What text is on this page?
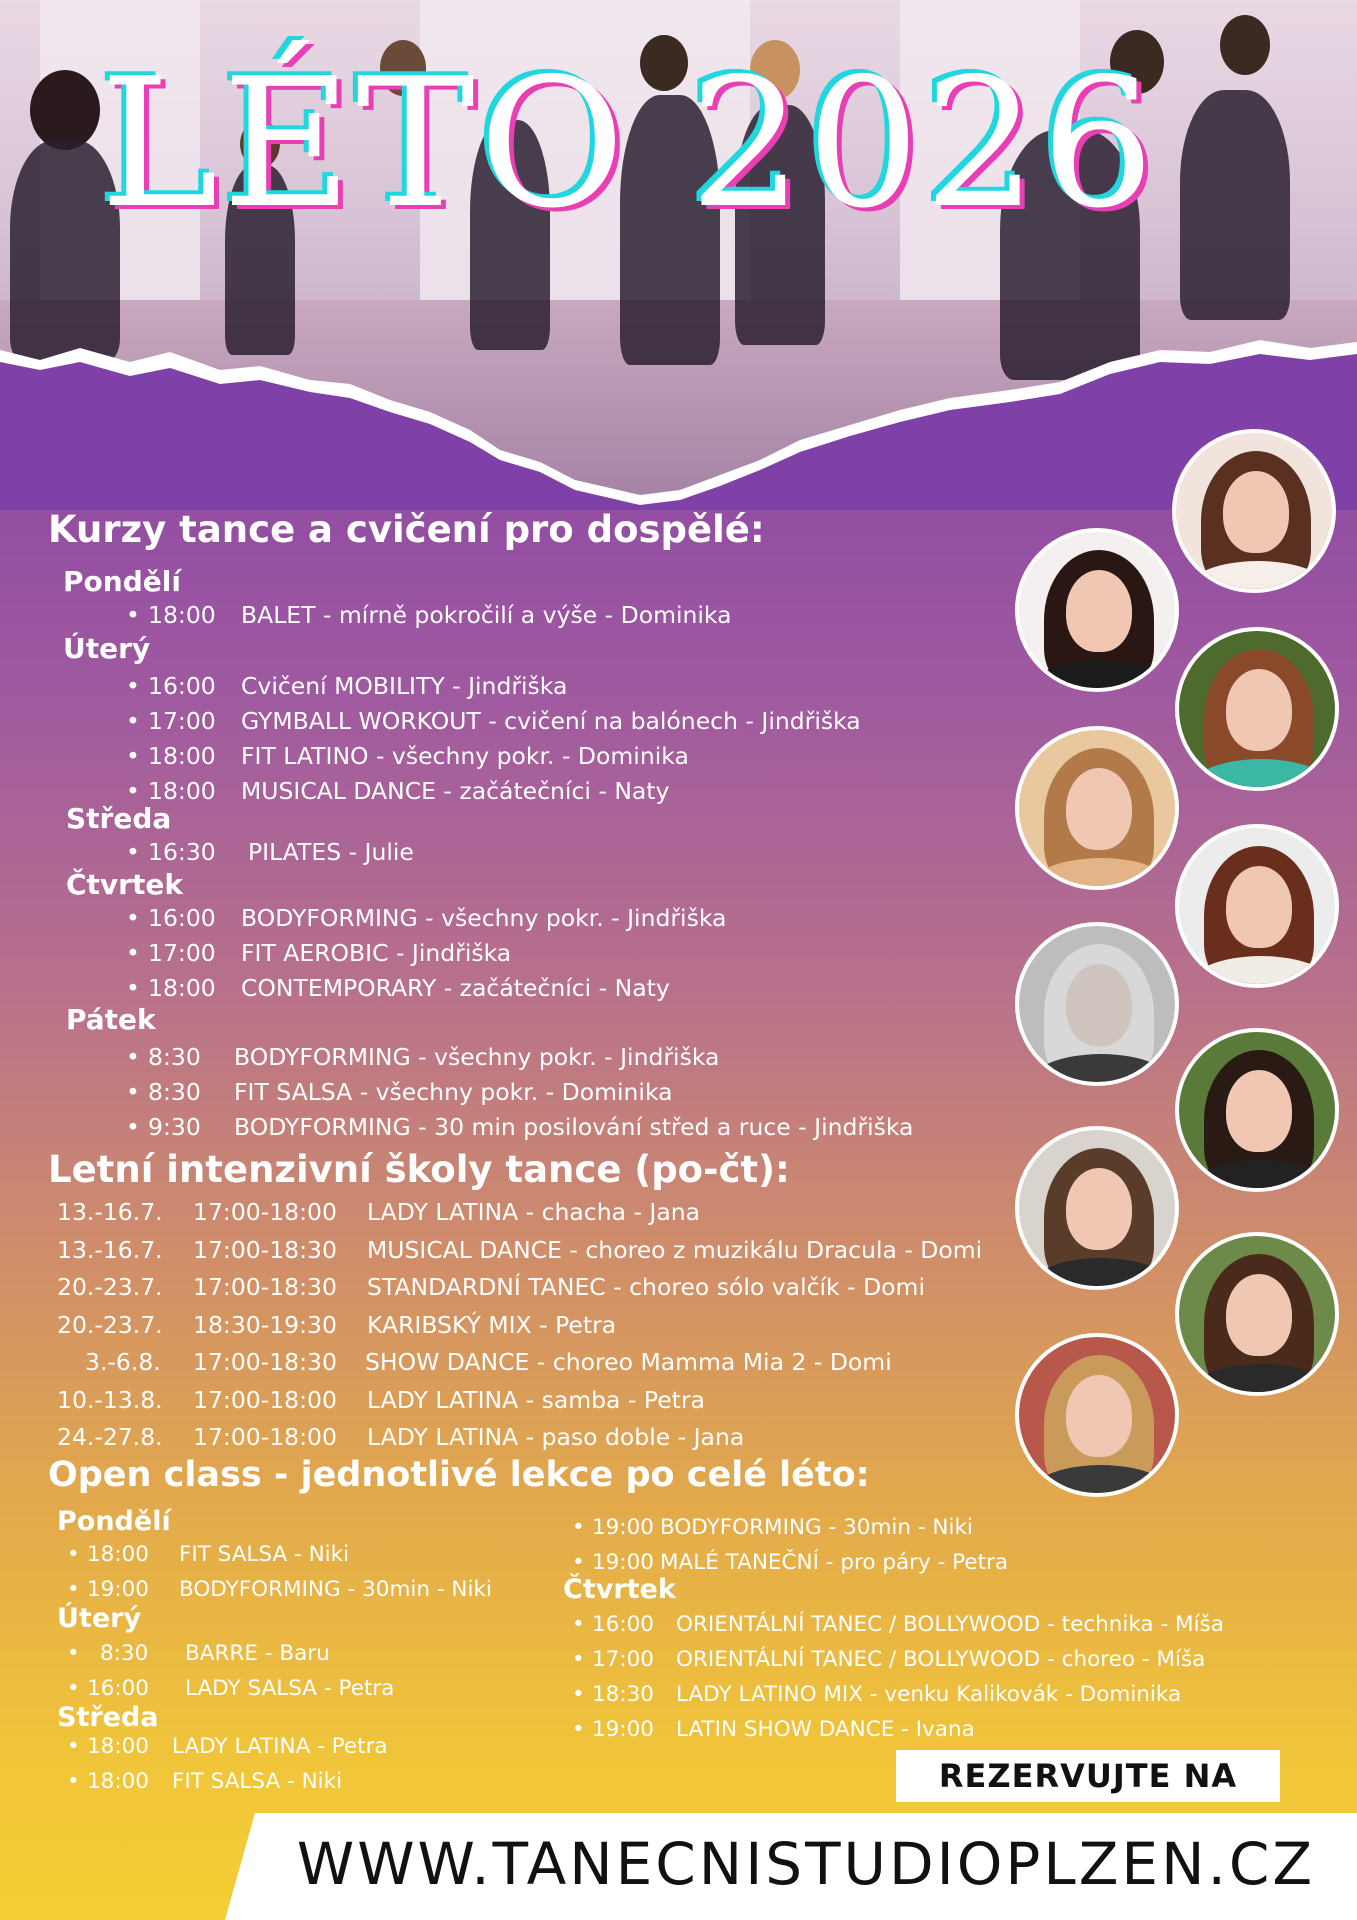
LÉTO 2026
Kurzy tance a cvičení pro dospělé:
Pondělí
• 18:00 BALET - mírně pokročilí a výše - Dominika
Úterý
• 16:00 Cvičení MOBILITY - Jindřiška
• 17:00 GYMBALL WORKOUT - cvičení na balónech - Jindřiška
• 18:00 FIT LATINO - všechny pokr. - Dominika
• 18:00 MUSICAL DANCE - začátečníci - Naty
Středa
• 16:30 PILATES - Julie
Čtvrtek
• 16:00 BODYFORMING - všechny pokr. - Jindřiška
• 17:00 FIT AEROBIC - Jindřiška
• 18:00 CONTEMPORARY - začátečníci - Naty
Pátek
• 8:30 BODYFORMING - všechny pokr. - Jindřiška
• 8:30 FIT SALSA - všechny pokr. - Dominika
• 9:30 BODYFORMING - 30 min posilování střed a ruce - Jindřiška
Letní intenzivní školy tance (po-čt):
13.-16.7. 17:00-18:00 LADY LATINA - chacha - Jana
13.-16.7. 17:00-18:30 MUSICAL DANCE - choreo z muzikálu Dracula - Domi
20.-23.7. 17:00-18:30 STANDARDNÍ TANEC - choreo sólo valčík - Domi
20.-23.7. 18:30-19:30 KARIBSKÝ MIX - Petra
3.-6.8. 17:00-18:30 SHOW DANCE - choreo Mamma Mia 2 - Domi
10.-13.8. 17:00-18:00 LADY LATINA - samba - Petra
24.-27.8. 17:00-18:00 LADY LATINA - paso doble - Jana
Open class - jednotlivé lekce po celé léto:
Pondělí
• 18:00 FIT SALSA - Niki
• 19:00 BODYFORMING - 30min - Niki
Úterý
8:30 BARRE - Baru
• 16:00 LADY SALSA - Petra
Středa
• 18:00 LADY LATINA - Petra
• 18:00 FIT SALSA - Niki
• 19:00 BODYFORMING - 30min - Niki
• 19:00 MALÉ TANEČNÍ - pro páry - Petra
Čtvrtek
• 16:00 ORIENTÁLNÍ TANEC / BOLLYWOOD - technika - Míša
• 17:00 ORIENTÁLNÍ TANEC / BOLLYWOOD - choreo - Míša
• 18:30 LADY LATINO MIX - venku Kalikovák - Dominika
• 19:00 LATIN SHOW DANCE - Ivana
REZERVUJTE NA
WWW.TANECNISTUDIOPLZEN.CZ
